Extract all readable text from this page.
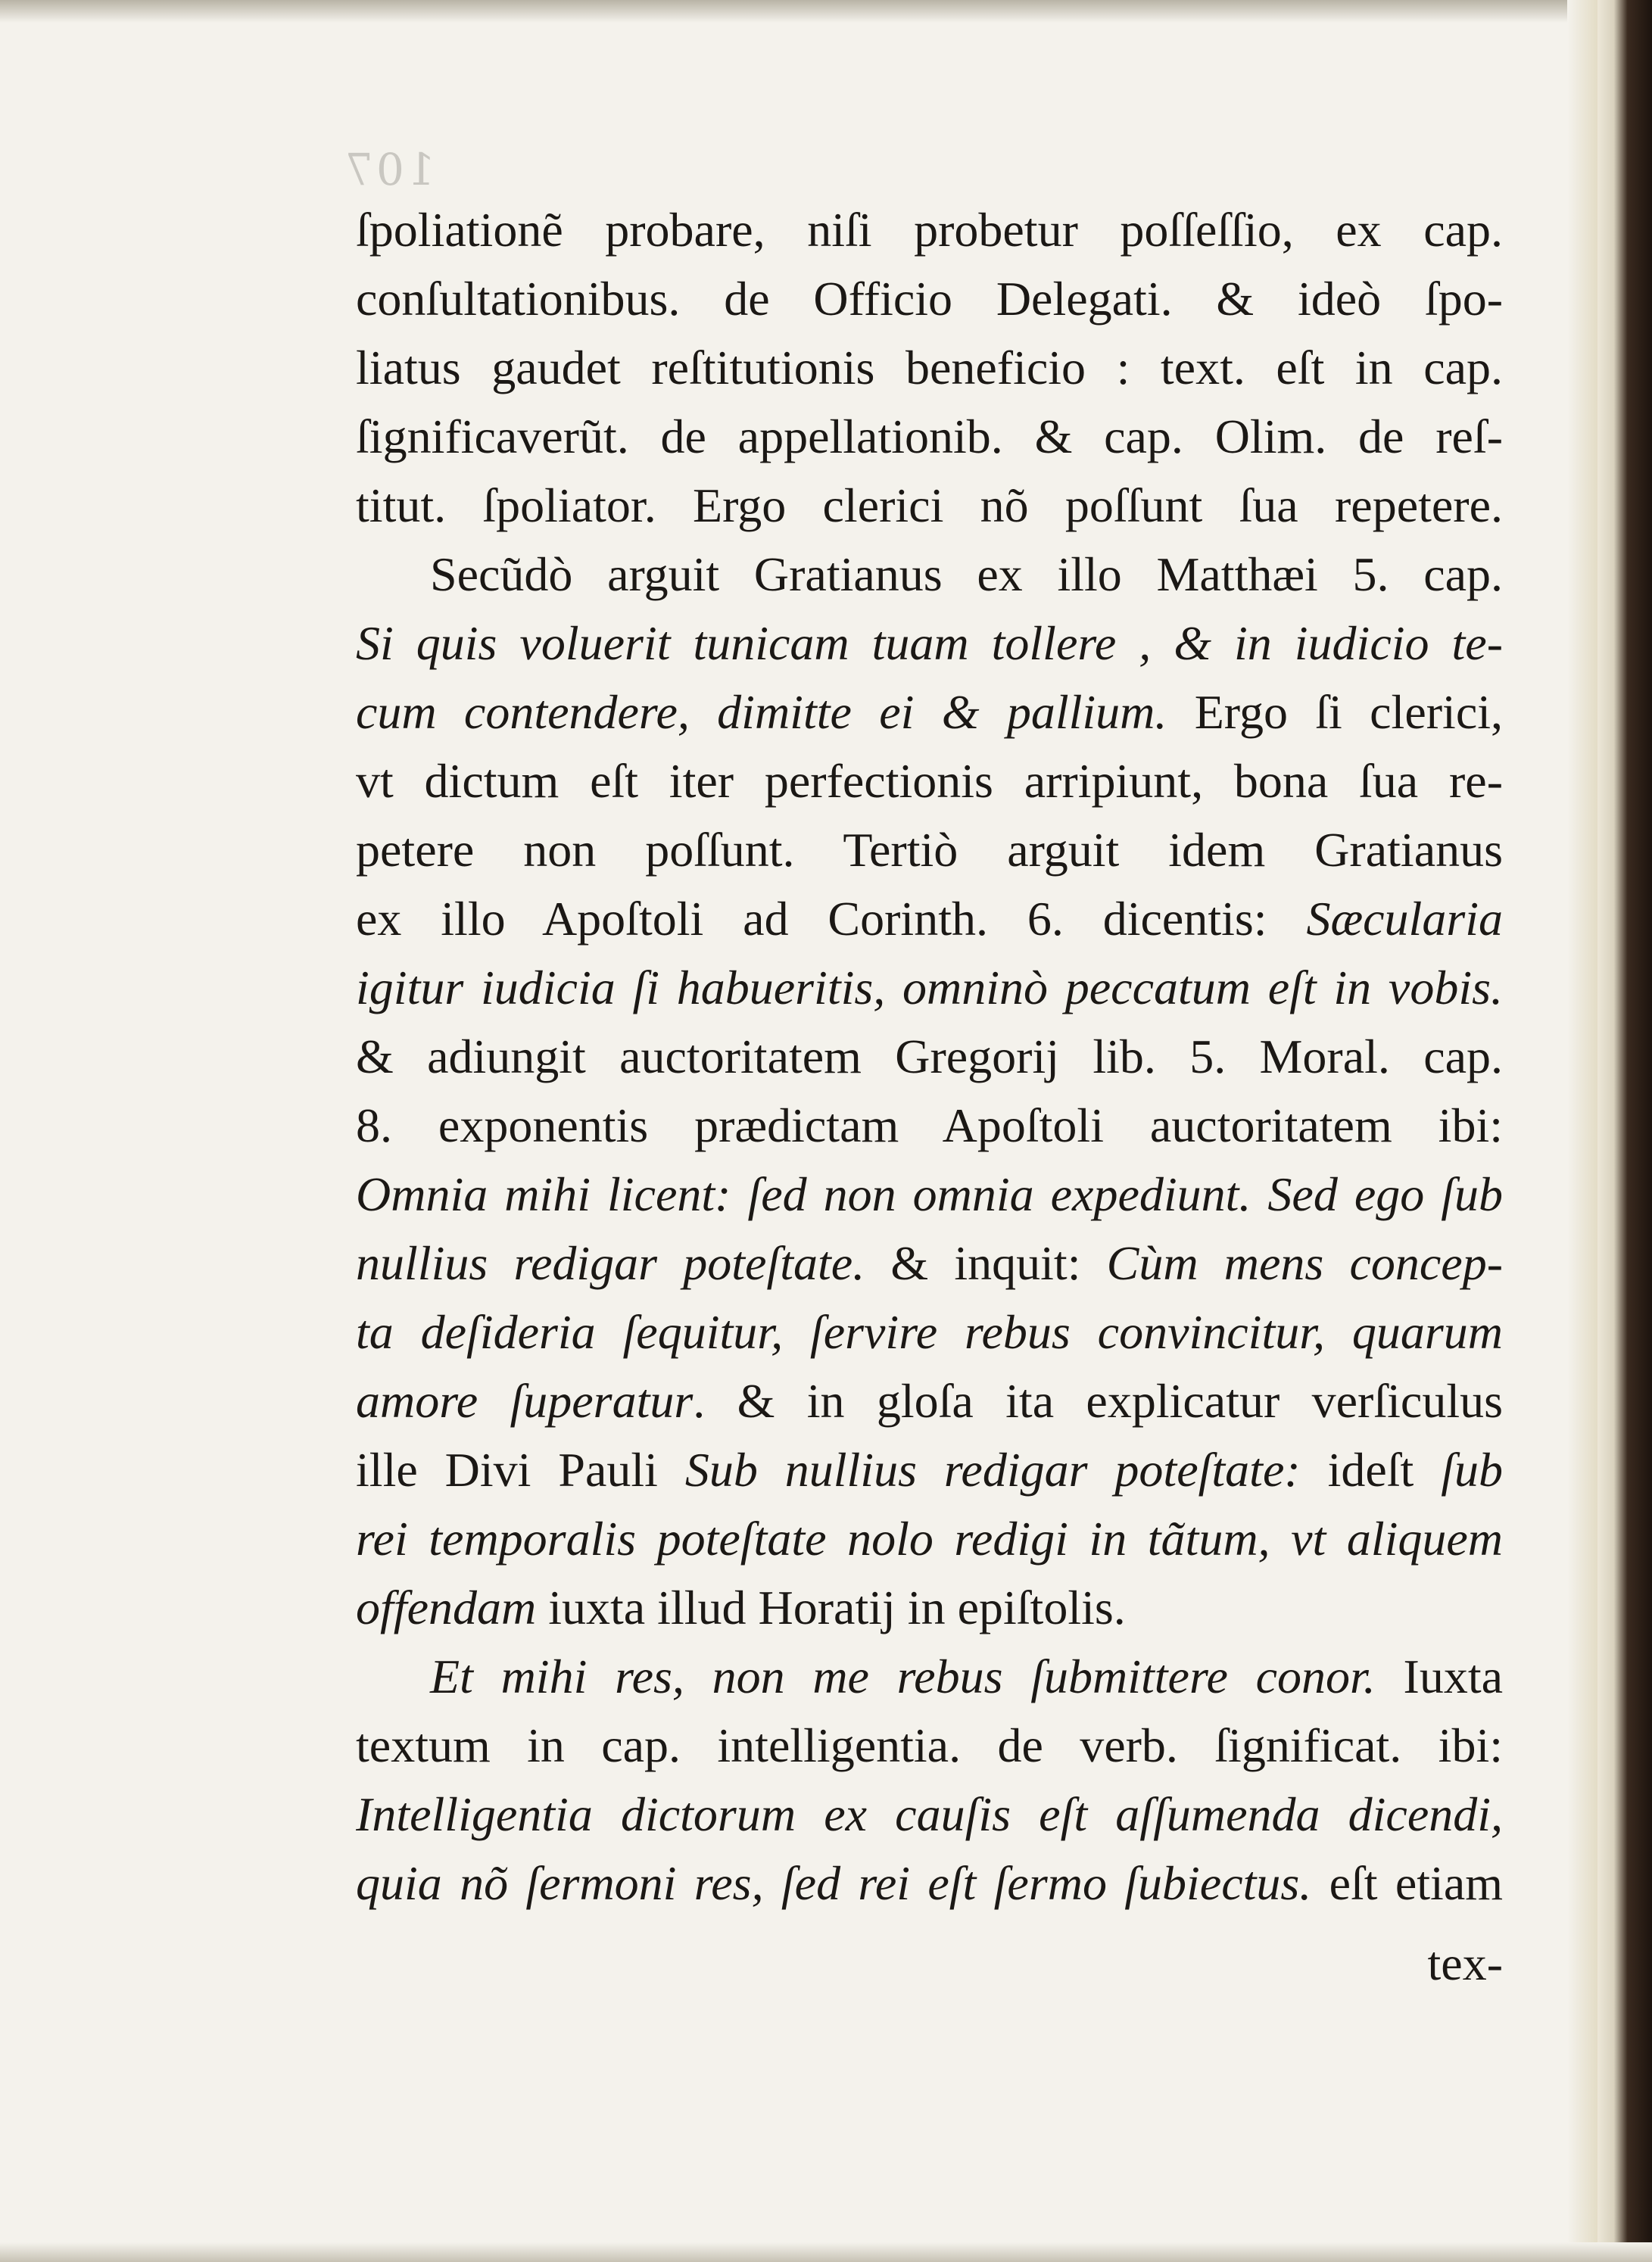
107
ſpoliationẽ probare, niſi probetur poſſeſſio, ex cap.
conſultationibus. de Officio Delegati. & ideò ſpo-
liatus gaudet reſtitutionis beneficio : text. eſt in cap.
ſignificaverũt. de appellationib. & cap. Olim. de reſ-
titut. ſpoliator. Ergo clerici nõ poſſunt ſua repetere.
Secũdò arguit Gratianus ex illo Matthæi 5. cap.
Si quis voluerit tunicam tuam tollere , & in iudicio te-
cum contendere, dimitte ei & pallium. Ergo ſi clerici,
vt dictum eſt iter perfectionis arripiunt, bona ſua re-
petere non poſſunt. Tertiò arguit idem Gratianus
ex illo Apoſtoli ad Corinth. 6. dicentis: Sæcularia
igitur iudicia ſi habueritis, omninò peccatum eſt in vobis.
& adiungit auctoritatem Gregorij lib. 5. Moral. cap.
8. exponentis prædictam Apoſtoli auctoritatem ibi:
Omnia mihi licent: ſed non omnia expediunt. Sed ego ſub
nullius redigar poteſtate. & inquit: Cùm mens concep-
ta deſideria ſequitur, ſervire rebus convincitur, quarum
amore ſuperatur. & in gloſa ita explicatur verſiculus
ille Divi Pauli Sub nullius redigar poteſtate: ideſt ſub
rei temporalis poteſtate nolo redigi in tãtum, vt aliquem
offendam iuxta illud Horatij in epiſtolis.
Et mihi res, non me rebus ſubmittere conor. Iuxta
textum in cap. intelligentia. de verb. ſignificat. ibi:
Intelligentia dictorum ex cauſis eſt aſſumenda dicendi,
quia nõ ſermoni res, ſed rei eſt ſermo ſubiectus. eſt etiam
tex-
